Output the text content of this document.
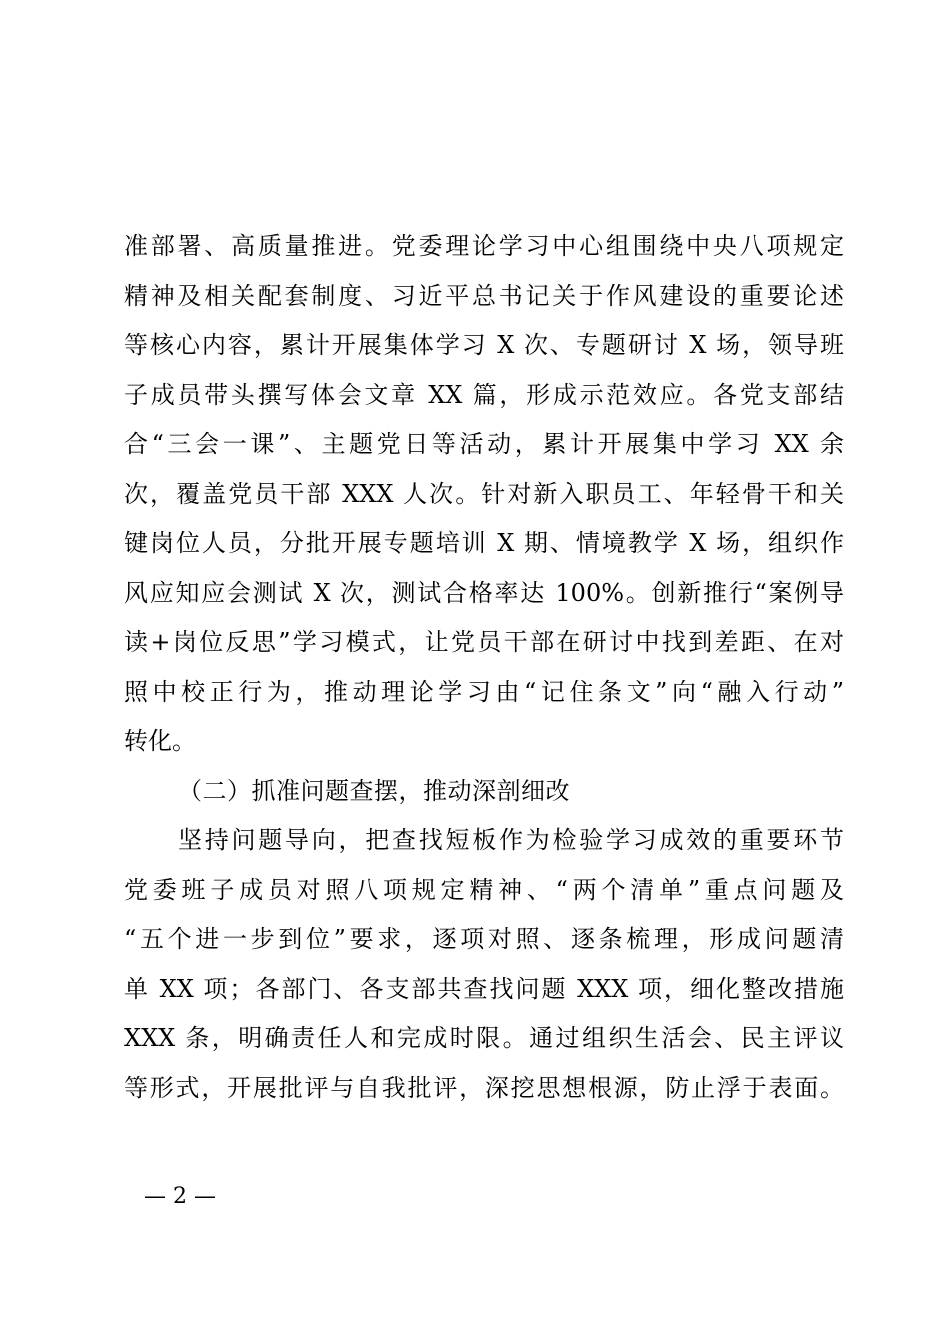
准部署、高质量推进。党委理论学习中心组围绕中央八项规定
精神及相关配套制度、习近平总书记关于作风建设的重要论述
等核心内容，累计开展集体学习 X 次、专题研讨 X 场，领导班
子成员带头撰写体会文章 XX 篇，形成示范效应。各党支部结
合“三会一课”、主题党日等活动，累计开展集中学习 XX 余
次，覆盖党员干部 XXX 人次。针对新入职员工、年轻骨干和关
键岗位人员，分批开展专题培训 X 期、情境教学 X 场，组织作
风应知应会测试 X 次，测试合格率达 100%。创新推行“案例导
读+岗位反思”学习模式，让党员干部在研讨中找到差距、在对
照中校正行为，推动理论学习由“记住条文”向“融入行动”
转化。
（二）抓准问题查摆，推动深剖细改
坚持问题导向，把查找短板作为检验学习成效的重要环节
党委班子成员对照八项规定精神、“两个清单”重点问题及
“五个进一步到位”要求，逐项对照、逐条梳理，形成问题清
单 XX 项；各部门、各支部共查找问题 XXX 项，细化整改措施
XXX 条，明确责任人和完成时限。通过组织生活会、民主评议
等形式，开展批评与自我批评，深挖思想根源，防止浮于表面。
— 2 —
